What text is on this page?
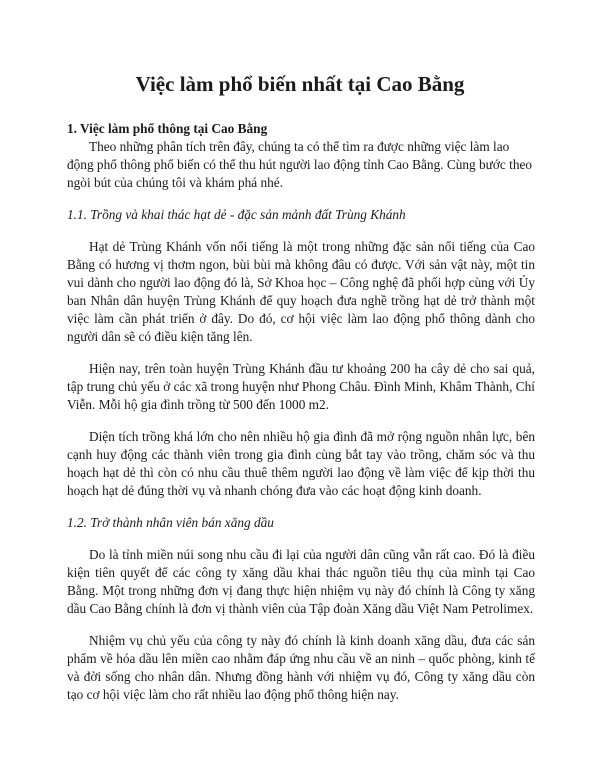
Việc làm phổ biến nhất tại Cao Bằng

1. Việc làm phổ thông tại Cao Bằng

Theo những phân tích trên đây, chúng ta có thể tìm ra được những việc làm lao động phổ thông phổ biến có thể thu hút người lao động tỉnh Cao Bằng. Cùng bước theo ngòi bút của chúng tôi và khám phá nhé.

1.1. Trồng và khai thác hạt dẻ - đặc sản mảnh đất Trùng Khánh

Hạt dẻ Trùng Khánh vốn nổi tiếng là một trong những đặc sản nổi tiếng của Cao Bằng có hương vị thơm ngon, bùi bùi mà không đâu có được. Với sản vật này, một tin vui dành cho người lao động đó là, Sở Khoa học – Công nghệ đã phối hợp cùng với Ủy ban Nhân dân huyện Trùng Khánh để quy hoạch đưa nghề trồng hạt dẻ trở thành một việc làm cần phát triển ở đây. Do đó, cơ hội việc làm lao động phổ thông dành cho người dân sẽ có điều kiện tăng lên.

Hiện nay, trên toàn huyện Trùng Khánh đầu tư khoảng 200 ha cây dẻ cho sai quả, tập trung chủ yếu ở các xã trong huyện như Phong Châu. Đình Minh, Khâm Thành, Chí Viễn. Mỗi hộ gia đình trồng từ 500 đến 1000 m2.

Diện tích trồng khá lớn cho nên nhiều hộ gia đình đã mở rộng nguồn nhân lực, bên cạnh huy động các thành viên trong gia đình cùng bắt tay vào trồng, chăm sóc và thu hoạch hạt dẻ thì còn có nhu cầu thuê thêm người lao động về làm việc để kịp thời thu hoạch hạt dẻ đúng thời vụ và nhanh chóng đưa vào các hoạt động kinh doanh.

1.2. Trở thành nhân viên bán xăng dầu

Do là tỉnh miền núi song nhu cầu đi lại của người dân cũng vẫn rất cao. Đó là điều kiện tiên quyết để các công ty xăng dầu khai thác nguồn tiêu thụ của mình tại Cao Bằng. Một trong những đơn vị đang thực hiện nhiệm vụ này đó chính là Công ty xăng dầu Cao Bằng chính là đơn vị thành viên của Tập đoàn Xăng dầu Việt Nam Petrolimex.

Nhiệm vụ chủ yếu của công ty này đó chính là kinh doanh xăng dầu, đưa các sản phẩm về hóa dầu lên miền cao nhằm đáp ứng nhu cầu về an ninh – quốc phòng, kinh tế và đời sống cho nhân dân. Nhưng đồng hành với nhiệm vụ đó, Công ty xăng dầu còn tạo cơ hội việc làm cho rất nhiều lao động phổ thông hiện nay.
